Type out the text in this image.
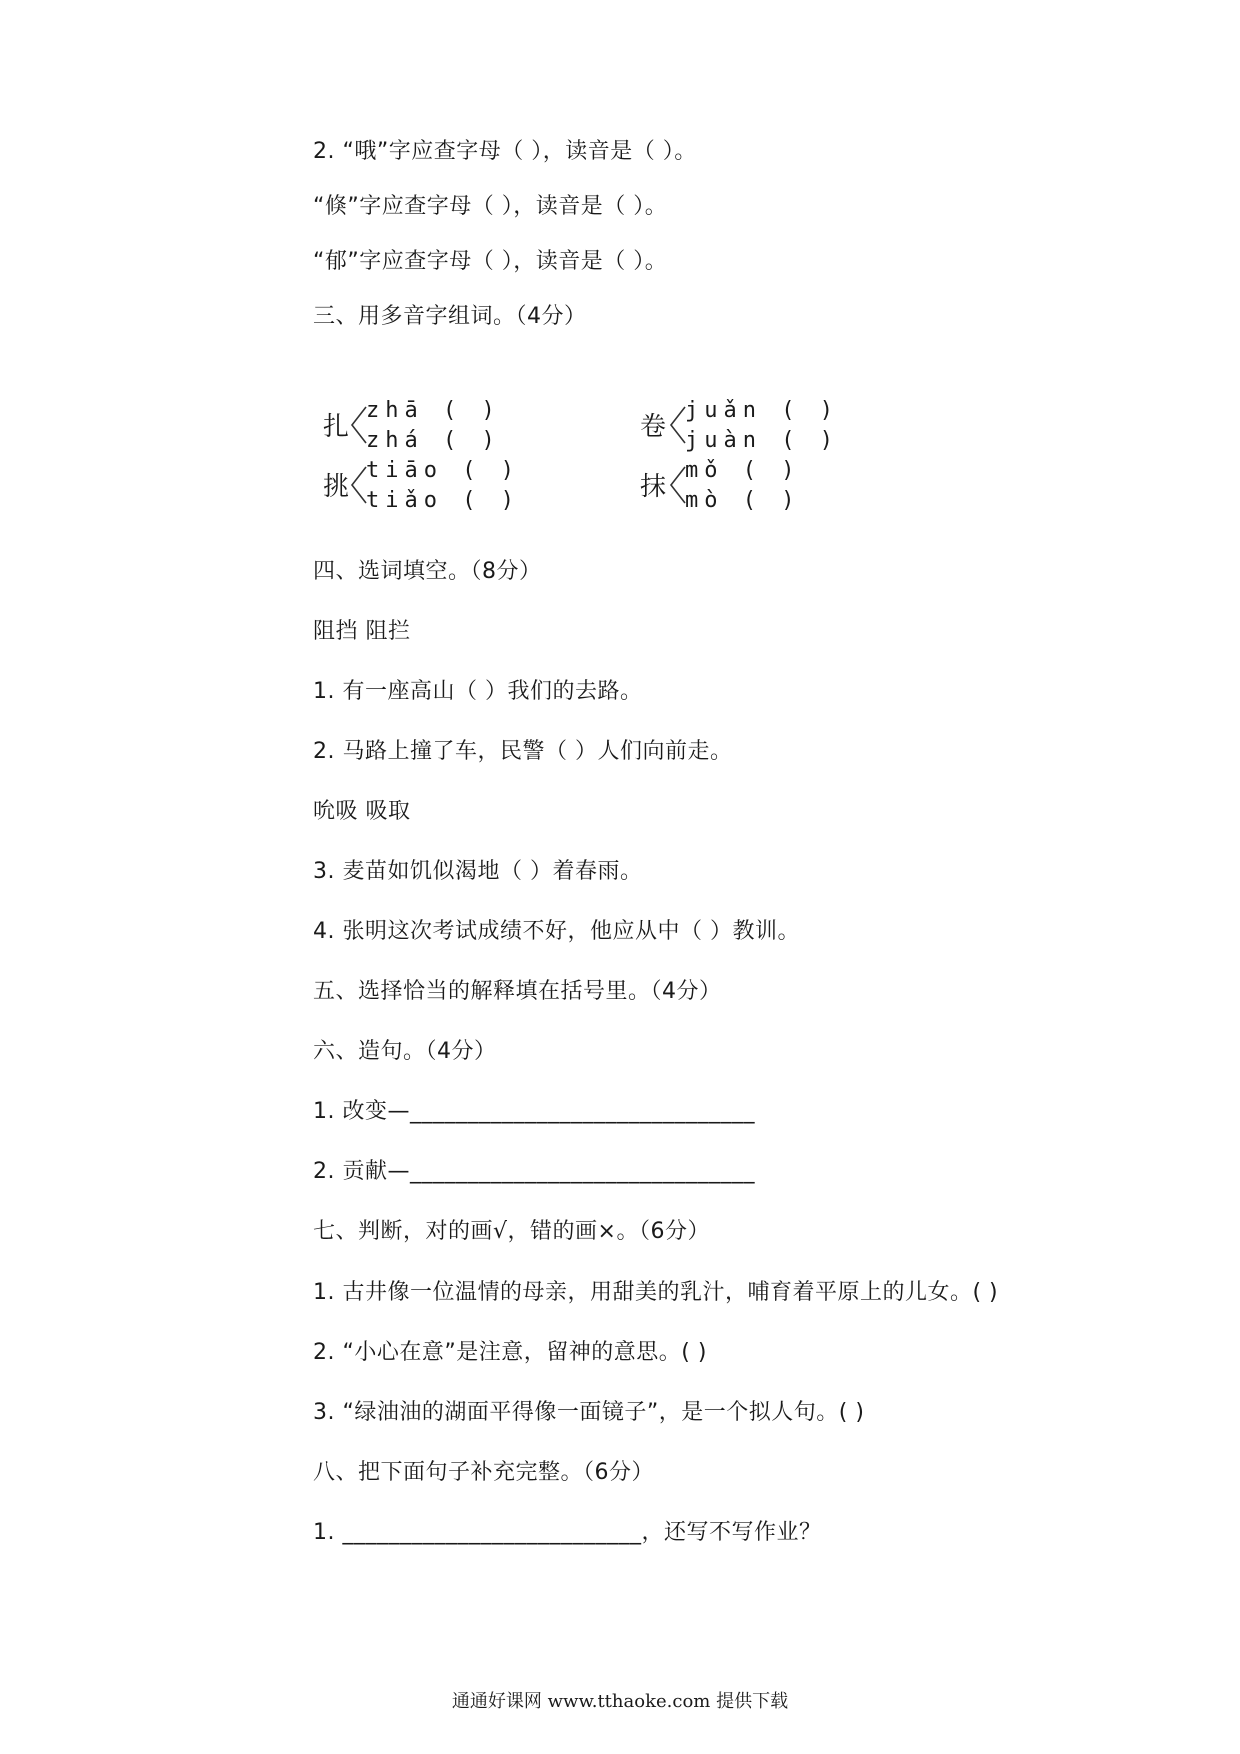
2. “哦”字应查字母（ ），读音是（ ）。
“倏”字应查字母（ ），读音是（ ）。
“郁”字应查字母（ ），读音是（ ）。
三、用多音字组词。（4分）
扎
zhā ( )
zhá ( )
挑
tiāo ( )
tiǎo ( )
卷
juǎn ( )
juàn ( )
抹
mǒ ( )
mò ( )
四、选词填空。（8分）
阻挡 阻拦
1. 有一座高山（ ）我们的去路。
2. 马路上撞了车，民警（ ）人们向前走。
吮吸 吸取
3. 麦苗如饥似渴地（ ）着春雨。
4. 张明这次考试成绩不好，他应从中（ ）教训。
五、选择恰当的解释填在括号里。（4分）
六、造句。（4分）
1. 改变—______________________________
2. 贡献—______________________________
七、判断，对的画√，错的画×。（6分）
1. 古井像一位温情的母亲，用甜美的乳汁，哺育着平原上的儿女。( )
2. “小心在意”是注意，留神的意思。( )
3. “绿油油的湖面平得像一面镜子”，是一个拟人句。( )
八、把下面句子补充完整。（6分）
1. __________________________，还写不写作业？
通通好课网 www.tthaoke.com 提供下载
